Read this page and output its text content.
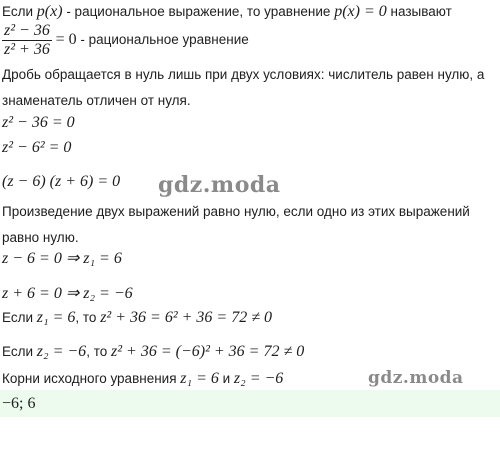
Если p(x) - рациональное выражение, то уравнение p(x) = 0 называют
$\frac{\text{z² − 36}}{\text{z² + 36}} = 0$ - рациональное уравнение
Дробь обращается в нуль лишь при двух условиях: числитель равен нулю, а
знаменатель отличен от нуля.
z² − 36 = 0
z² − 6² = 0
(z − 6) (z + 6) = 0 gdz.moda
Произведение двух выражений равно нулю, если одно из этих выражений
равно нулю.
z − 6 = 0 ⇒ z₁ = 6
z + 6 = 0 ⇒ z₂ = −6
Если z₁ = 6, то z² + 36 = 6² + 36 = 72 ≠ 0
Если z₂ = −6, то z² + 36 = (−6)² + 36 = 72 ≠ 0
Корни исходного уравнения z₁ = 6 и z₂ = −6	gdz.moda
−6; 6
